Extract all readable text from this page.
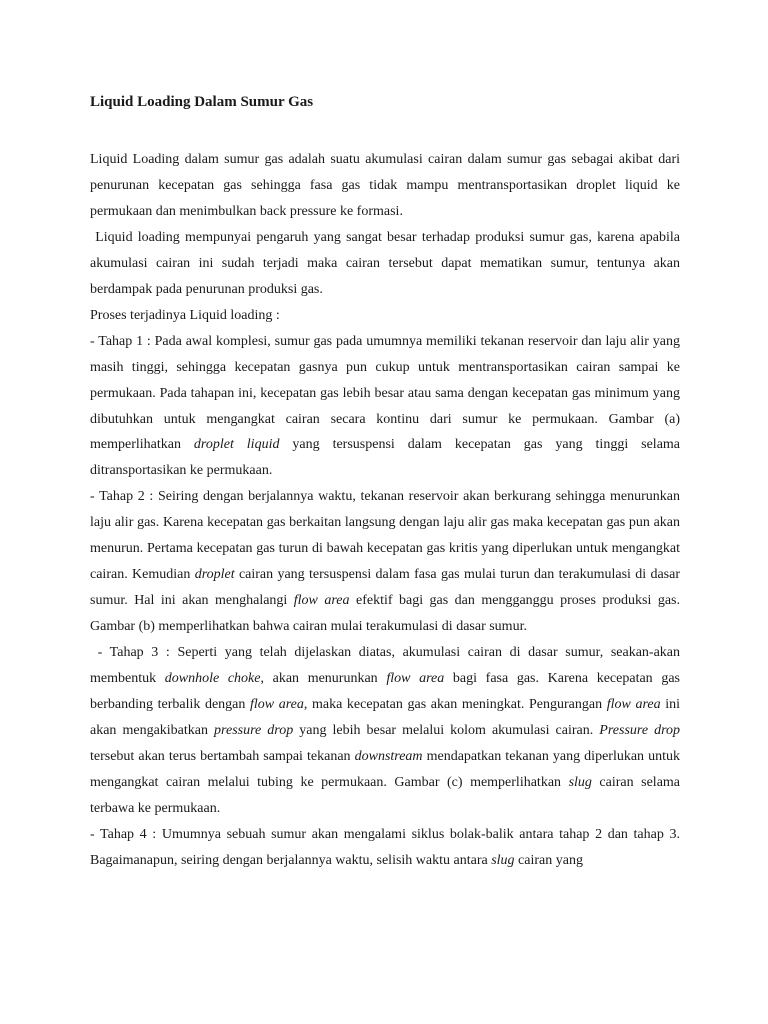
Liquid Loading Dalam Sumur Gas

Liquid Loading dalam sumur gas adalah suatu akumulasi cairan dalam sumur gas sebagai akibat dari penurunan kecepatan gas sehingga fasa gas tidak mampu mentransportasikan droplet liquid ke permukaan dan menimbulkan back pressure ke formasi.

Liquid loading mempunyai pengaruh yang sangat besar terhadap produksi sumur gas, karena apabila akumulasi cairan ini sudah terjadi maka cairan tersebut dapat mematikan sumur, tentunya akan berdampak pada penurunan produksi gas.

Proses terjadinya Liquid loading :

- Tahap 1 : Pada awal komplesi, sumur gas pada umumnya memiliki tekanan reservoir dan laju alir yang masih tinggi, sehingga kecepatan gasnya pun cukup untuk mentransportasikan cairan sampai ke permukaan. Pada tahapan ini, kecepatan gas lebih besar atau sama dengan kecepatan gas minimum yang dibutuhkan untuk mengangkat cairan secara kontinu dari sumur ke permukaan. Gambar (a) memperlihatkan droplet liquid yang tersuspensi dalam kecepatan gas yang tinggi selama ditransportasikan ke permukaan.

- Tahap 2 : Seiring dengan berjalannya waktu, tekanan reservoir akan berkurang sehingga menurunkan laju alir gas. Karena kecepatan gas berkaitan langsung dengan laju alir gas maka kecepatan gas pun akan menurun. Pertama kecepatan gas turun di bawah kecepatan gas kritis yang diperlukan untuk mengangkat cairan. Kemudian droplet cairan yang tersuspensi dalam fasa gas mulai turun dan terakumulasi di dasar sumur. Hal ini akan menghalangi flow area efektif bagi gas dan mengganggu proses produksi gas. Gambar (b) memperlihatkan bahwa cairan mulai terakumulasi di dasar sumur.

- Tahap 3 : Seperti yang telah dijelaskan diatas, akumulasi cairan di dasar sumur, seakan-akan membentuk downhole choke, akan menurunkan flow area bagi fasa gas. Karena kecepatan gas berbanding terbalik dengan flow area, maka kecepatan gas akan meningkat. Pengurangan flow area ini akan mengakibatkan pressure drop yang lebih besar melalui kolom akumulasi cairan. Pressure drop tersebut akan terus bertambah sampai tekanan downstream mendapatkan tekanan yang diperlukan untuk mengangkat cairan melalui tubing ke permukaan. Gambar (c) memperlihatkan slug cairan selama terbawa ke permukaan.

- Tahap 4 : Umumnya sebuah sumur akan mengalami siklus bolak-balik antara tahap 2 dan tahap 3. Bagaimanapun, seiring dengan berjalannya waktu, selisih waktu antara slug cairan yang
